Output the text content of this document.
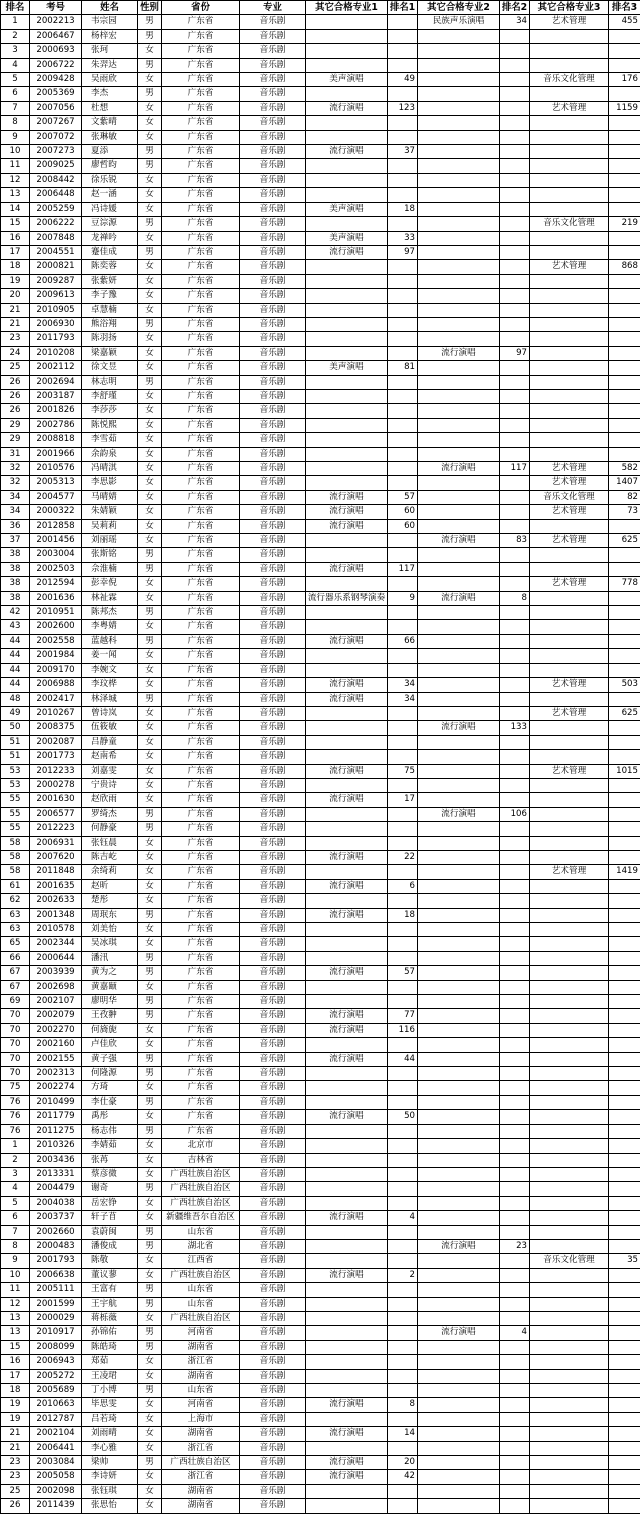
排名	考号	姓名	性别	省份	专业	其它合格专业1	排名1	其它合格专业2	排名2	其它合格专业3	排名3
1	2002213	韦宗园	男	广东省	音乐剧			民族声乐演唱	34	艺术管理	455
2	2006467	杨梓宏	男	广东省	音乐剧						
3	2000693	张珂	女	广东省	音乐剧						
4	2006722	朱羿达	男	广东省	音乐剧						
5	2009428	吴雨欣	女	广东省	音乐剧	美声演唱	49			音乐文化管理	176
6	2005369	李杰	男	广东省	音乐剧						
7	2007056	杜想	女	广东省	音乐剧	流行演唱	123			艺术管理	1159
8	2007267	文紫晴	女	广东省	音乐剧						
9	2007072	张琳敏	女	广东省	音乐剧						
10	2007273	夏添	男	广东省	音乐剧	流行演唱	37				
11	2009025	廖哲昀	男	广东省	音乐剧						
12	2008442	徐乐锐	女	广东省	音乐剧						
13	2006448	赵一涵	女	广东省	音乐剧						
14	2005259	冯诗媛	女	广东省	音乐剧	美声演唱	18				
15	2006222	豆淙源	男	广东省	音乐剧					音乐文化管理	219
16	2007848	龙禅吟	女	广东省	音乐剧	美声演唱	33				
17	2004551	蹇佳成	男	广东省	音乐剧	流行演唱	97				
18	2000821	陈奕蓉	女	广东省	音乐剧					艺术管理	868
19	2009287	张紫妍	女	广东省	音乐剧						
20	2009613	李子豫	女	广东省	音乐剧						
21	2010905	卓慧楠	女	广东省	音乐剧						
21	2006930	熊浴翔	男	广东省	音乐剧						
23	2011793	陈羽扬	女	广东省	音乐剧						
24	2010208	梁嘉颖	女	广东省	音乐剧			流行演唱	97		
25	2002112	徐文昱	女	广东省	音乐剧	美声演唱	81				
26	2002694	林志明	男	广东省	音乐剧						
26	2003187	李舒瑾	女	广东省	音乐剧						
26	2001826	李莎莎	女	广东省	音乐剧						
29	2002786	陈悦熙	女	广东省	音乐剧						
29	2008818	李雪茹	女	广东省	音乐剧						
31	2001966	余韵泉	女	广东省	音乐剧						
32	2010576	冯晴淇	女	广东省	音乐剧			流行演唱	117	艺术管理	582
32	2005313	李思影	女	广东省	音乐剧					艺术管理	1407
34	2004577	马晴婧	女	广东省	音乐剧	流行演唱	57			音乐文化管理	82
34	2000322	朱婧颖	女	广东省	音乐剧	流行演唱	60			艺术管理	73
36	2012858	吴莉莉	女	广东省	音乐剧	流行演唱	60				
37	2001456	刘丽瑶	女	广东省	音乐剧			流行演唱	83	艺术管理	625
38	2003004	张斯铭	男	广东省	音乐剧						
38	2002503	佘淮楠	男	广东省	音乐剧	流行演唱	117				
38	2012594	彭幸倪	女	广东省	音乐剧					艺术管理	778
38	2001636	林祉霖	女	广东省	音乐剧	流行器乐系钢琴演奏	9	流行演唱	8		
42	2010951	陈邦杰	男	广东省	音乐剧						
43	2002600	李粤婧	女	广东省	音乐剧						
44	2002558	蓝越科	男	广东省	音乐剧	流行演唱	66				
44	2001984	姜一闻	女	广东省	音乐剧						
44	2009170	李婉文	女	广东省	音乐剧						
44	2006988	李玟桦	女	广东省	音乐剧	流行演唱	34			艺术管理	503
48	2002417	林泽城	男	广东省	音乐剧	流行演唱	34				
49	2010267	曾诗岚	女	广东省	音乐剧					艺术管理	625
50	2008375	伍筱敏	女	广东省	音乐剧			流行演唱	133		
51	2002087	吕静童	女	广东省	音乐剧						
51	2001773	赵南希	女	广东省	音乐剧						
53	2012233	刘嘉雯	女	广东省	音乐剧	流行演唱	75			艺术管理	1015
53	2000278	宁贵诗	女	广东省	音乐剧						
55	2001630	赵欣雨	女	广东省	音乐剧	流行演唱	17				
55	2006577	罗绮杰	男	广东省	音乐剧			流行演唱	106		
55	2012223	何静豪	男	广东省	音乐剧						
58	2006931	张钰晨	女	广东省	音乐剧						
58	2007620	陈吉屹	女	广东省	音乐剧	流行演唱	22				
58	2011848	余绮莉	女	广东省	音乐剧					艺术管理	1419
61	2001635	赵昕	女	广东省	音乐剧	流行演唱	6				
62	2002633	楚彤	女	广东省	音乐剧						
63	2001348	周珉东	男	广东省	音乐剧	流行演唱	18				
63	2010578	刘美怡	女	广东省	音乐剧						
65	2002344	吴冰琪	女	广东省	音乐剧						
66	2000644	潘汛	男	广东省	音乐剧						
67	2003939	黄为之	男	广东省	音乐剧	流行演唱	57				
67	2002698	黄嘉颐	女	广东省	音乐剧						
69	2002107	廖明华	男	广东省	音乐剧						
70	2002079	王孜翀	男	广东省	音乐剧	流行演唱	77				
70	2002270	何旖旎	女	广东省	音乐剧	流行演唱	116				
70	2002160	卢佳欣	女	广东省	音乐剧						
70	2002155	黄子强	男	广东省	音乐剧	流行演唱	44				
70	2002313	何隆源	男	广东省	音乐剧						
75	2002274	方琦	女	广东省	音乐剧						
76	2010499	李仕豪	男	广东省	音乐剧						
76	2011779	禹彤	女	广东省	音乐剧	流行演唱	50				
76	2011275	杨志伟	男	广东省	音乐剧						
1	2010326	李婧茹	女	北京市	音乐剧						
2	2003436	张苒	女	吉林省	音乐剧						
3	2013331	蔡彦微	女	广西壮族自治区	音乐剧						
4	2004479	谢奇	男	广西壮族自治区	音乐剧						
5	2004038	岳宏铮	女	广西壮族自治区	音乐剧						
6	2003737	轩子苜	女	新疆维吾尔自治区	音乐剧	流行演唱	4				
7	2002660	袁蔚闽	男	山东省	音乐剧						
8	2000483	潘俊成	男	湖北省	音乐剧			流行演唱	23		
9	2001793	陈敬	女	江西省	音乐剧					音乐文化管理	35
10	2006638	董议蓼	女	广西壮族自治区	音乐剧	流行演唱	2				
11	2005111	王富有	男	山东省	音乐剧						
12	2001599	王宇航	男	山东省	音乐剧						
13	2000029	蒋栎薇	女	广西壮族自治区	音乐剧						
13	2010917	孙锦佑	男	河南省	音乐剧			流行演唱	4		
15	2008099	陈皓琦	男	湖南省	音乐剧						
16	2006943	郑茹	女	浙江省	音乐剧						
17	2005272	王凌珺	女	湖南省	音乐剧						
18	2005689	丁小博	男	山东省	音乐剧						
19	2010663	毕思雯	女	河南省	音乐剧	流行演唱	8				
19	2012787	吕若琦	女	上海市	音乐剧						
21	2002104	刘雨晴	女	湖南省	音乐剧	流行演唱	14				
21	2006441	李心雅	女	浙江省	音乐剧						
23	2003084	梁帅	男	广西壮族自治区	音乐剧	流行演唱	20				
23	2005058	李诗妍	女	浙江省	音乐剧	流行演唱	42				
25	2002098	张钰琪	女	湖南省	音乐剧						
26	2011439	张思怡	女	湖南省	音乐剧						
